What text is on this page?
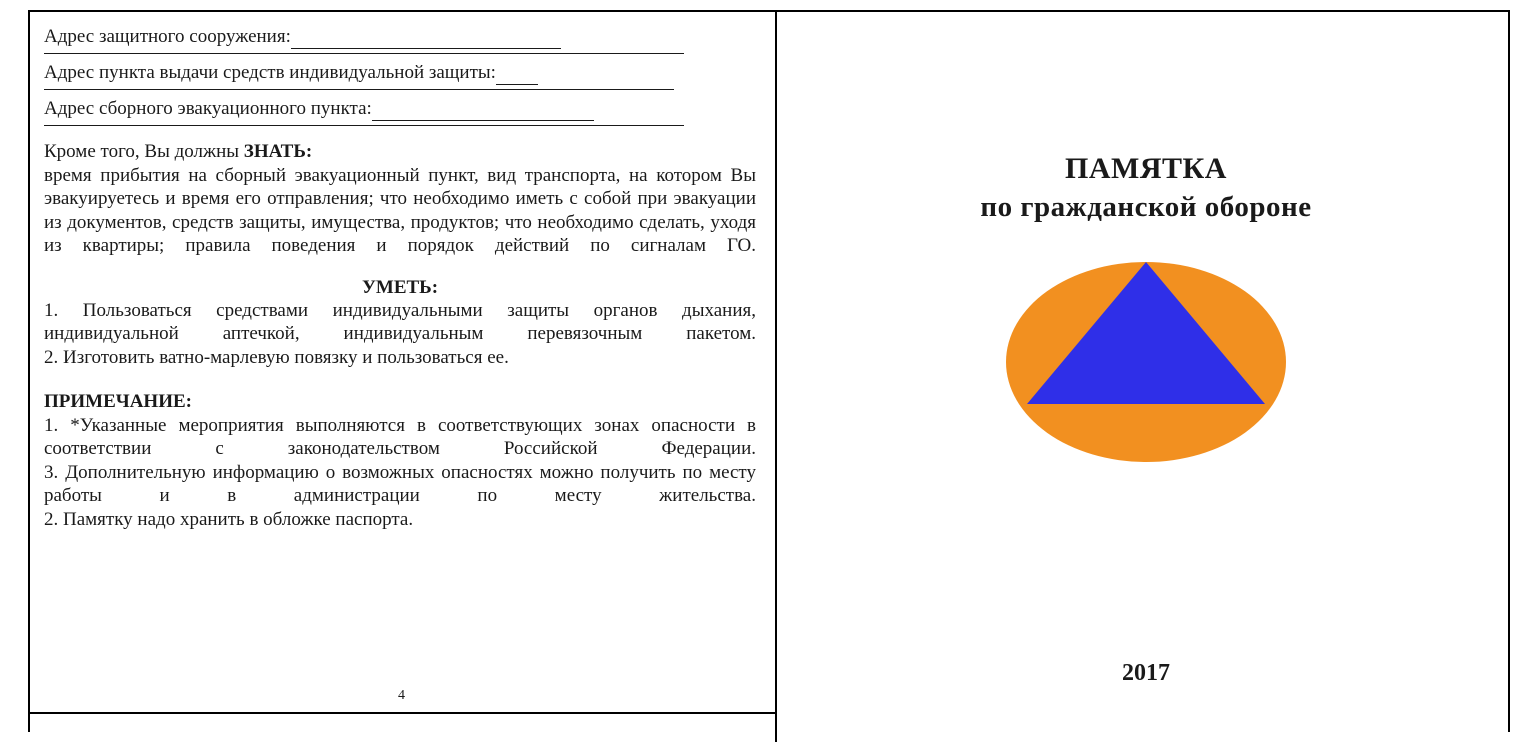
Адрес защитного сооружения:
Адрес пункта выдачи средств индивидуальной защиты:
Адрес сборного эвакуационного пункта:

Кроме того, Вы должны ЗНАТЬ:

время прибытия на сборный эвакуационный пункт, вид транспорта, на котором Вы эвакуируетесь и время его отправления; что необходимо иметь с собой при эвакуации из документов, средств защиты, имущества, продуктов; что необходимо сделать, уходя из квартиры; правила поведения и порядок действий по сигналам ГО.

УМЕТЬ:

1. Пользоваться средствами индивидуальными защиты органов дыхания, индивидуальной аптечкой, индивидуальным перевязочным пакетом.

2. Изготовить ватно-марлевую повязку и пользоваться ее.

ПРИМЕЧАНИЕ:

1. *Указанные мероприятия выполняются в соответствующих зонах опасности в соответствии с законодательством Российской Федерации.

3. Дополнительную информацию о возможных опасностях можно получить по месту работы и в администрации по месту жительства.

2. Памятку надо хранить в обложке паспорта.

4
ПАМЯТКА
по гражданской обороне
2017
